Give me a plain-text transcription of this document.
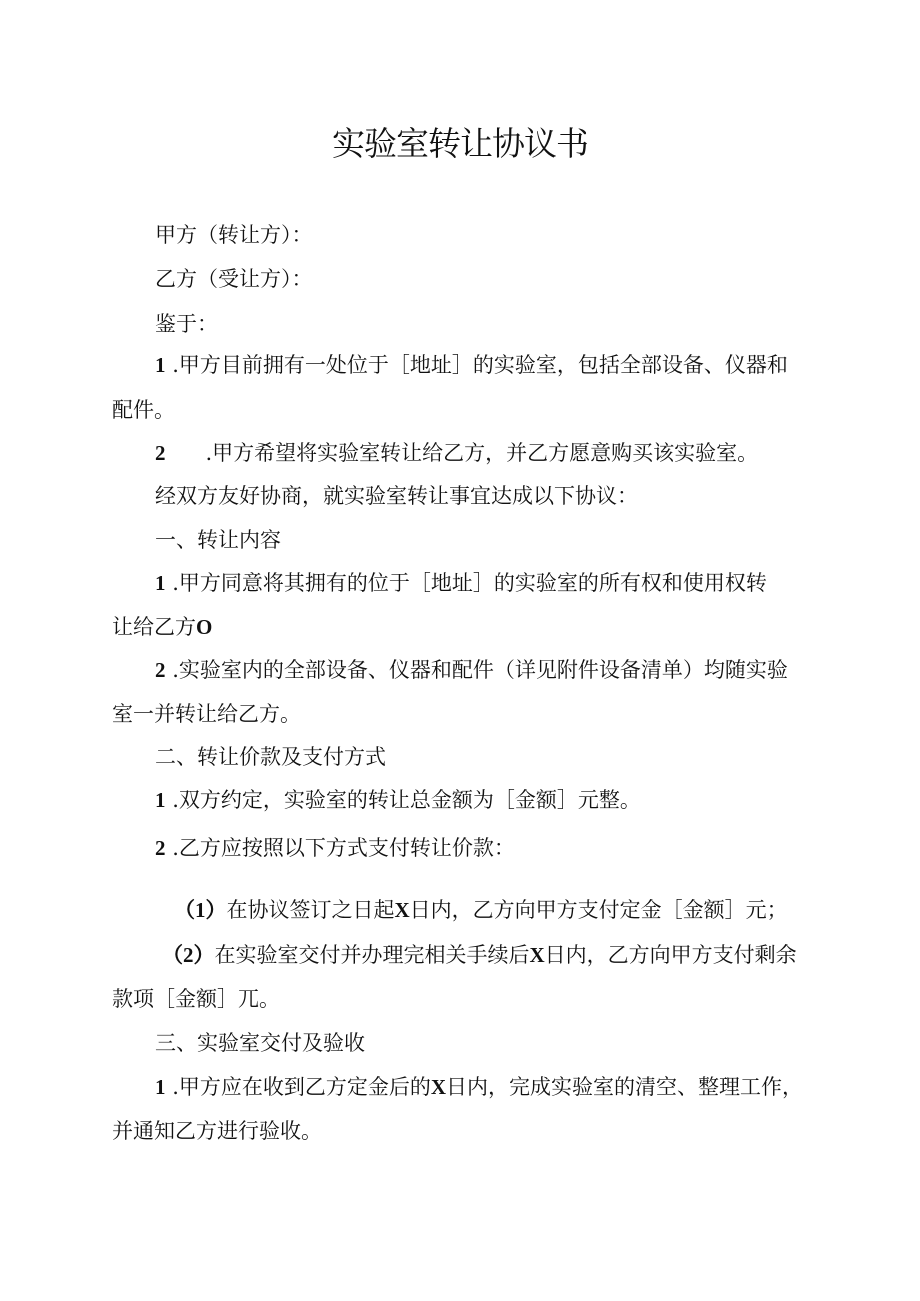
实验室转让协议书
甲方（转让方）：
乙方（受让方）：
鉴于：
1 .甲方目前拥有一处位于［地址］的实验室，包括全部设备、仪器和
配件。
2 .甲方希望将实验室转让给乙方，并乙方愿意购买该实验室。
经双方友好协商，就实验室转让事宜达成以下协议：
一、转让内容
1 .甲方同意将其拥有的位于［地址］的实验室的所有权和使用权转
让给乙方O
2 .实验室内的全部设备、仪器和配件（详见附件设备清单）均随实验
室一并转让给乙方。
二、转让价款及支付方式
1 .双方约定，实验室的转让总金额为［金额］元整。
2 .乙方应按照以下方式支付转让价款：
（1）在协议签订之日起X日内，乙方向甲方支付定金［金额］元；
（2）在实验室交付并办理完相关手续后X日内，乙方向甲方支付剩余
款项［金额］兀。
三、实验室交付及验收
1 .甲方应在收到乙方定金后的X日内，完成实验室的清空、整理工作，
并通知乙方进行验收。
